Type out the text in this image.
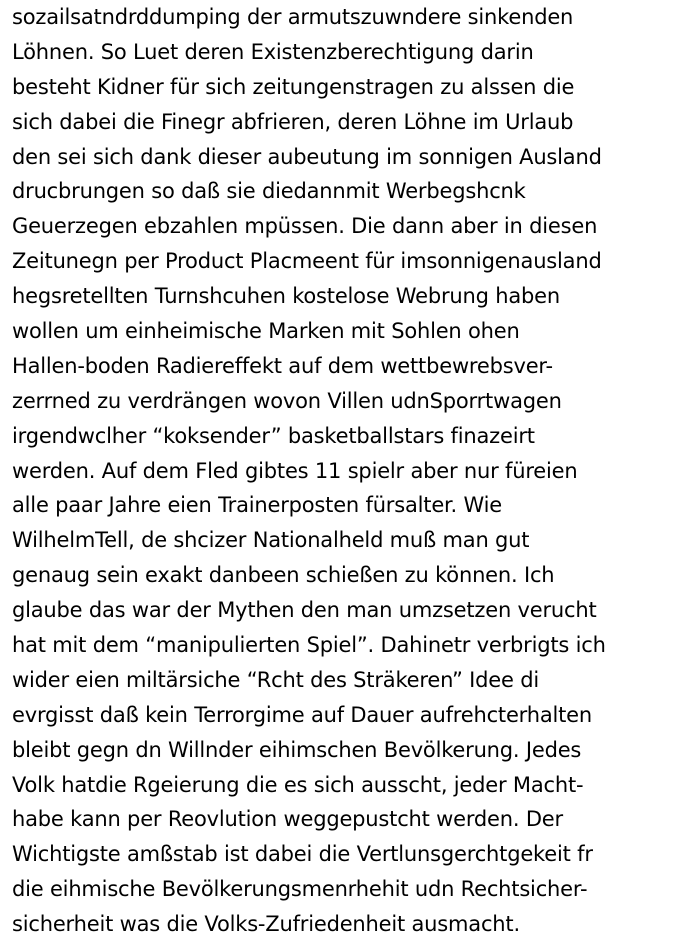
sozailsatndrddumping der armutszuwndere sinkenden
Löhnen. So Luet deren Existenzberechtigung darin
besteht Kidner für sich zeitungenstragen zu alssen die
sich dabei die Finegr abfrieren, deren Löhne im Urlaub
den sei sich dank dieser aubeutung im sonnigen Ausland
drucbrungen so daß sie diedannmit Werbegshcnk
Geuerzegen ebzahlen mpüssen. Die dann aber in diesen
Zeitunegn per Product Placmeent für imsonnigenausland
hegsretellten Turnshcuhen kostelose Webrung haben
wollen um einheimische Marken mit Sohlen ohen
Hallen-boden Radiereffekt auf dem wettbewrebsver-
zerrned zu verdrängen wovon Villen udnSporrtwagen
irgendwclher “koksender” basketballstars finazeirt
werden. Auf dem Fled gibtes 11 spielr aber nur füreien
alle paar Jahre eien Trainerposten fürsalter. Wie
WilhelmTell, de shcizer Nationalheld muß man gut
genaug sein exakt danbeen schießen zu können. Ich
glaube das war der Mythen den man umzsetzen verucht
hat mit dem “manipulierten Spiel”. Dahinetr verbrigts ich
wider eien miltärsiche “Rcht des Sträkeren” Idee di
evrgisst daß kein Terrorgime auf Dauer aufrehcterhalten
bleibt gegn dn Willnder eihimschen Bevölkerung. Jedes
Volk hatdie Rgeierung die es sich ausscht, jeder Macht-
habe kann per Reovlution weggepustcht werden. Der
Wichtigste amßstab ist dabei die Vertlunsgerchtgekeit fr
die eihmische Bevölkerungsmenrhehit udn Rechtsicher-
sicherheit was die Volks-Zufriedenheit ausmacht.
